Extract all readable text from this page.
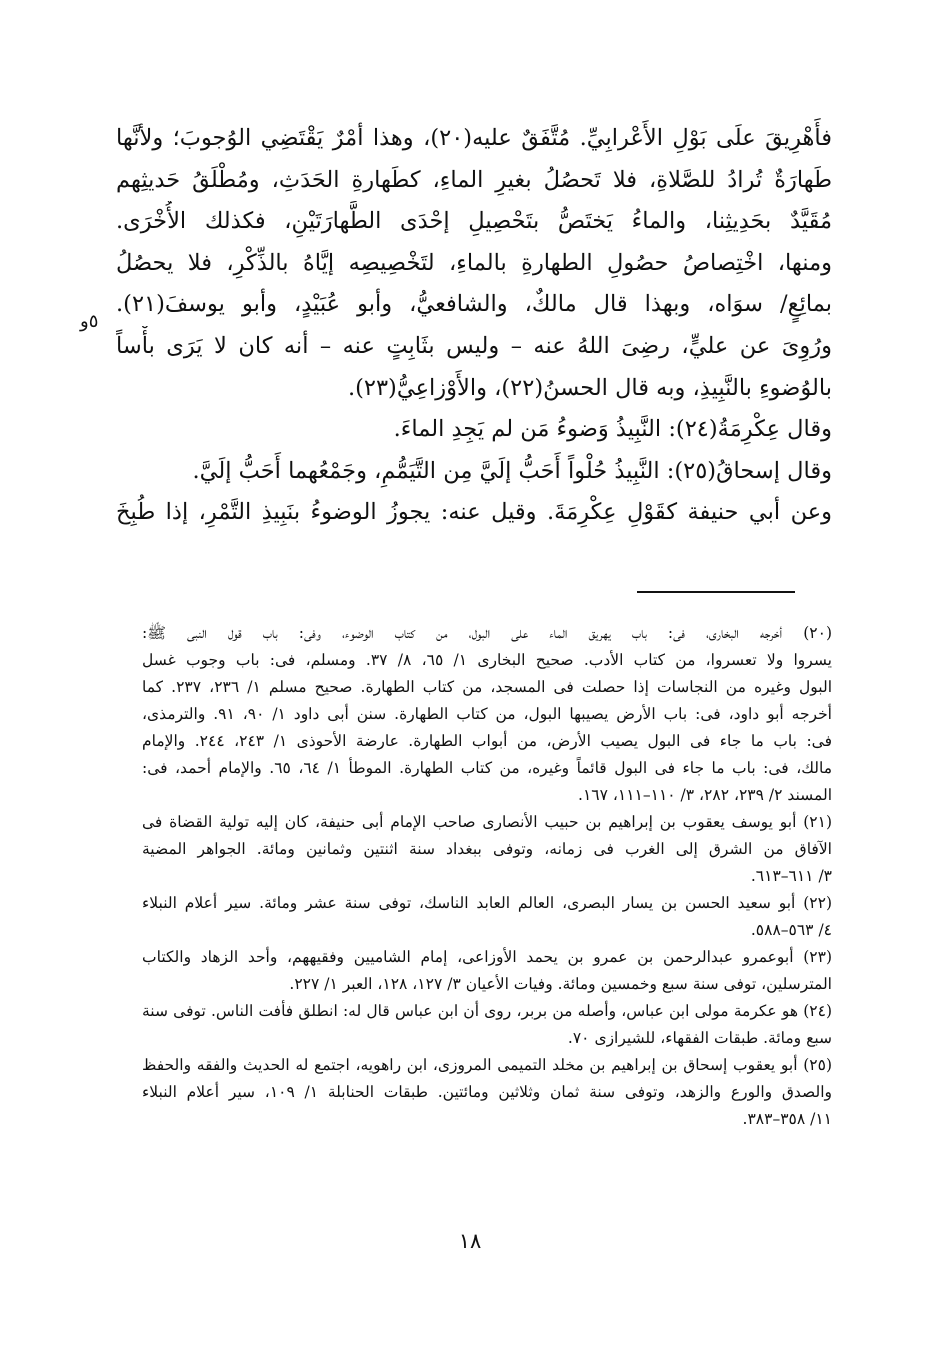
فأَهْرِيقَ علَى بَوْلِ الأَعْرابِيِّ. مُتَّفَقٌ عليه(٢٠)، وهذا أمْرٌ يَقْتَضِي الوُجوبَ؛ ولأنَّها
طَهارَةٌ تُرادُ للصَّلاةِ، فلا تَحصُلُ بغيرِ الماءِ، كطَهارةِ الحَدَثِ، ومُطْلَقُ حَديثِهم
مُقَيَّدٌ بحَدِيثِنا، والماءُ يَختَصُّ بتَحْصِيلِ إحْدَى الطَّهارَتَيْنِ، فكذلك الأُخْرَى.
ومنها، اخْتِصاصُ حصُولِ الطهارةِ بالماءِ، لتَخْصِيصِه إيَّاهُ بالذِّكْرِ، فلا يحصُلُ
بمائِعٍ/ سوَاه، وبهذا قال مالكٌ، والشافعيُّ، وأبو عُبَيْدٍ، وأبو يوسفَ(٢١).
ورُوِىَ عن عليٍّ، رضِىَ اللهُ عنه – وليس بثَابِتٍ عنه – أنه كان لا يَرَى بأْساً
بالوُضوءِ بالنَّبِيذِ، وبه قال الحسنُ(٢٢)، والأَوْزاعِيُّ(٢٣).
وقال عِكْرِمَةُ(٢٤): النَّبِيذُ وَضوءُ مَن لم يَجِدِ الماءَ.
وقال إسحاقُ(٢٥): النَّبِيذُ حُلْواً أَحَبُّ إلَيَّ مِن التَّيَمُّمِ، وجَمْعُهما أَحَبُّ إلَيَّ.
وعن أبي حنيفة كقَوْلِ عِكْرِمَةَ. وقيل عنه: يجوزُ الوضوءُ بنَبِيذِ التَّمْرِ، إذا طُبِخَ
٥و
(٢٠) أخرجه البخارى، فى: باب يهريق الماء على البول، من كتاب الوضوء، وفى: باب قول النبى ﷺ:
يسروا ولا تعسروا، من كتاب الأدب. صحيح البخارى ١/ ٦٥، ٨/ ٣٧. ومسلم، فى: باب وجوب غسل
البول وغيره من النجاسات إذا حصلت فى المسجد، من كتاب الطهارة. صحيح مسلم ١/ ٢٣٦، ٢٣٧. كما
أخرجه أبو داود، فى: باب الأرض يصيبها البول، من كتاب الطهارة. سنن أبى داود ١/ ٩٠، ٩١. والترمذى،
فى: باب ما جاء فى البول يصيب الأرض، من أبواب الطهارة. عارضة الأحوذى ١/ ٢٤٣، ٢٤٤. والإمام
مالك، فى: باب ما جاء فى البول قائماً وغيره، من كتاب الطهارة. الموطأ ١/ ٦٤، ٦٥. والإمام أحمد، فى:
المسند ٢/ ٢٣٩، ٢٨٢، ٣/ ١١٠–١١١، ١٦٧.
(٢١) أبو يوسف يعقوب بن إبراهيم بن حبيب الأنصارى صاحب الإمام أبى حنيفة، كان إليه تولية القضاة فى
الآفاق من الشرق إلى الغرب فى زمانه، وتوفى ببغداد سنة اثنتين وثمانين ومائة. الجواهر المضية
٣/ ٦١١–٦١٣.
(٢٢) أبو سعيد الحسن بن يسار البصرى، العالم العابد الناسك، توفى سنة عشر ومائة. سير أعلام النبلاء
٤/ ٥٦٣–٥٨٨.
(٢٣) أبوعمرو عبدالرحمن بن عمرو بن يحمد الأوزاعى، إمام الشاميين وفقيههم، وأحد الزهاد والكتاب
المترسلين، توفى سنة سبع وخمسين ومائة. وفيات الأعيان ٣/ ١٢٧، ١٢٨، العبر ١/ ٢٢٧.
(٢٤) هو عكرمة مولى ابن عباس، وأصله من بربر، روى أن ابن عباس قال له: انطلق فأفت الناس. توفى سنة
سبع ومائة. طبقات الفقهاء، للشيرازى ٧٠.
(٢٥) أبو يعقوب إسحاق بن إبراهيم بن مخلد التميمى المروزى، ابن راهويه، اجتمع له الحديث والفقه والحفظ
والصدق والورع والزهد، وتوفى سنة ثمان وثلاثين ومائتين. طبقات الحنابلة ١/ ١٠٩، سير أعلام النبلاء
١١/ ٣٥٨–٣٨٣.
١٨
